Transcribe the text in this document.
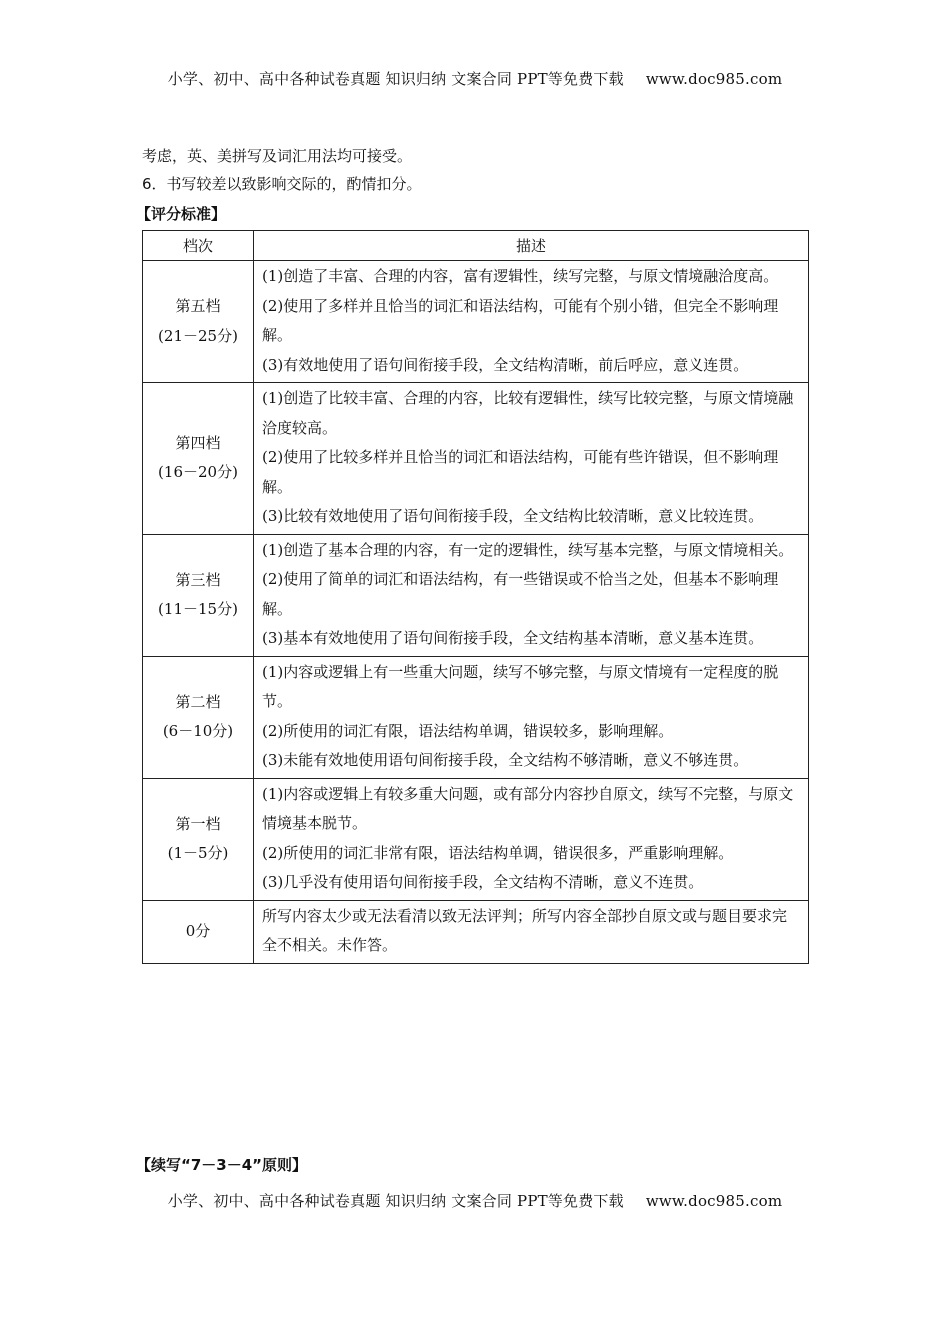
小学、初中、高中各种试卷真题 知识归纳 文案合同 PPT等免费下载 www.doc985.com
考虑，英、美拼写及词汇用法均可接受。
6．书写较差以致影响交际的，酌情扣分。
【评分标准】
档次	描述

第五档
(21－25分)	(1)创造了丰富、合理的内容，富有逻辑性，续写完整，与原文情境融洽度高。
(2)使用了多样并且恰当的词汇和语法结构，可能有个别小错，但完全不影响理解。
(3)有效地使用了语句间衔接手段，全文结构清晰，前后呼应，意义连贯。

第四档
(16－20分)	(1)创造了比较丰富、合理的内容，比较有逻辑性，续写比较完整，与原文情境融洽度较高。
(2)使用了比较多样并且恰当的词汇和语法结构，可能有些许错误，但不影响理解。
(3)比较有效地使用了语句间衔接手段，全文结构比较清晰，意义比较连贯。

第三档
(11－15分)	(1)创造了基本合理的内容，有一定的逻辑性，续写基本完整，与原文情境相关。
(2)使用了简单的词汇和语法结构，有一些错误或不恰当之处，但基本不影响理解。
(3)基本有效地使用了语句间衔接手段，全文结构基本清晰，意义基本连贯。

第二档
(6－10分)	(1)内容或逻辑上有一些重大问题，续写不够完整，与原文情境有一定程度的脱节。
(2)所使用的词汇有限，语法结构单调，错误较多，影响理解。
(3)未能有效地使用语句间衔接手段，全文结构不够清晰，意义不够连贯。

第一档
(1－5分)	(1)内容或逻辑上有较多重大问题，或有部分内容抄自原文，续写不完整，与原文情境基本脱节。
(2)所使用的词汇非常有限，语法结构单调，错误很多，严重影响理解。
(3)几乎没有使用语句间衔接手段，全文结构不清晰，意义不连贯。

0分	所写内容太少或无法看清以致无法评判；所写内容全部抄自原文或与题目要求完全不相关。未作答。
【续写“7－3－4”原则】
小学、初中、高中各种试卷真题 知识归纳 文案合同 PPT等免费下载 www.doc985.com
